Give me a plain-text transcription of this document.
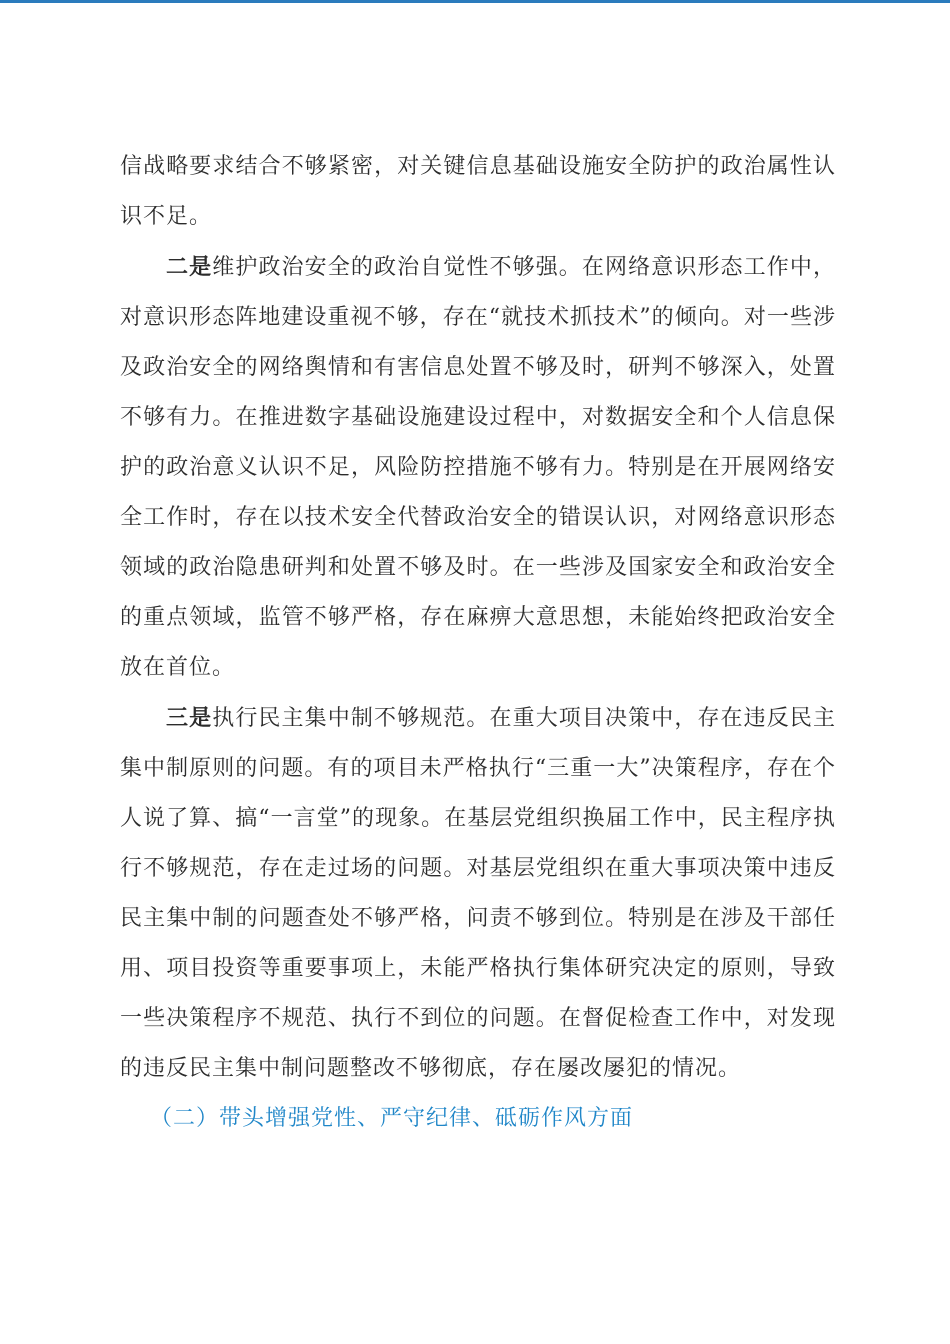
信战略要求结合不够紧密，对关键信息基础设施安全防护的政治属性认识不足。

二是维护政治安全的政治自觉性不够强。在网络意识形态工作中，对意识形态阵地建设重视不够，存在“就技术抓技术”的倾向。对一些涉及政治安全的网络舆情和有害信息处置不够及时，研判不够深入，处置不够有力。在推进数字基础设施建设过程中，对数据安全和个人信息保护的政治意义认识不足，风险防控措施不够有力。特别是在开展网络安全工作时，存在以技术安全代替政治安全的错误认识，对网络意识形态领域的政治隐患研判和处置不够及时。在一些涉及国家安全和政治安全的重点领域，监管不够严格，存在麻痹大意思想，未能始终把政治安全放在首位。

三是执行民主集中制不够规范。在重大项目决策中，存在违反民主集中制原则的问题。有的项目未严格执行“三重一大”决策程序，存在个人说了算、搞“一言堂”的现象。在基层党组织换届工作中，民主程序执行不够规范，存在走过场的问题。对基层党组织在重大事项决策中违反民主集中制的问题查处不够严格，问责不够到位。特别是在涉及干部任用、项目投资等重要事项上，未能严格执行集体研究决定的原则，导致一些决策程序不规范、执行不到位的问题。在督促检查工作中，对发现的违反民主集中制问题整改不够彻底，存在屡改屡犯的情况。

（二）带头增强党性、严守纪律、砥砺作风方面
